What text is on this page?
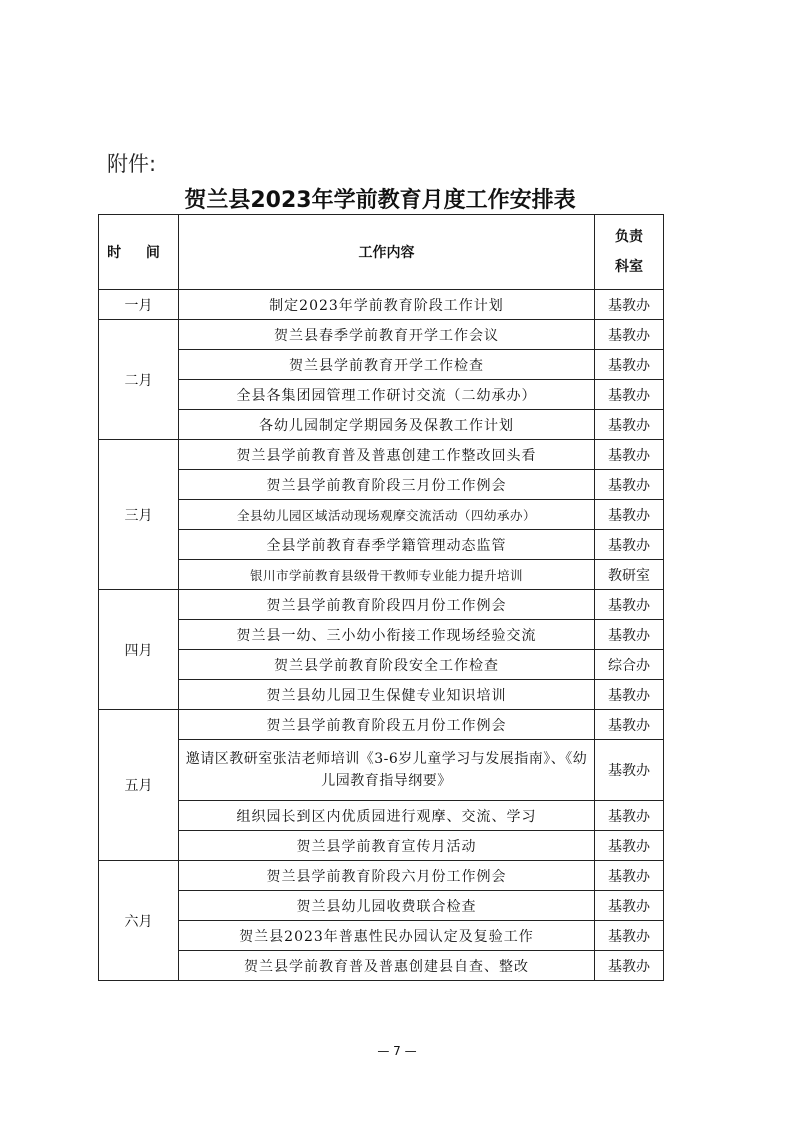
附件:
贺兰县2023年学前教育月度工作安排表
时 间	工作内容	负责
科室

一月	制定2023年学前教育阶段工作计划	基教办
二月	贺兰县春季学前教育开学工作会议	基教办
	贺兰县学前教育开学工作检查	基教办
	全县各集团园管理工作研讨交流（二幼承办）	基教办
	各幼儿园制定学期园务及保教工作计划	基教办
三月	贺兰县学前教育普及普惠创建工作整改回头看	基教办
	贺兰县学前教育阶段三月份工作例会	基教办
	全县幼儿园区域活动现场观摩交流活动（四幼承办）	基教办
	全县学前教育春季学籍管理动态监管	基教办
	银川市学前教育县级骨干教师专业能力提升培训	教研室
四月	贺兰县学前教育阶段四月份工作例会	基教办
	贺兰县一幼、三小幼小衔接工作现场经验交流	基教办
	贺兰县学前教育阶段安全工作检查	综合办
	贺兰县幼儿园卫生保健专业知识培训	基教办
五月	贺兰县学前教育阶段五月份工作例会	基教办
	邀请区教研室张洁老师培训《3-6岁儿童学习与发展指南》、《幼儿园教育指导纲要》	基教办
	组织园长到区内优质园进行观摩、交流、学习	基教办
	贺兰县学前教育宣传月活动	基教办
六月	贺兰县学前教育阶段六月份工作例会	基教办
	贺兰县幼儿园收费联合检查	基教办
	贺兰县2023年普惠性民办园认定及复验工作	基教办
	贺兰县学前教育普及普惠创建县自查、整改	基教办
— 7 —
